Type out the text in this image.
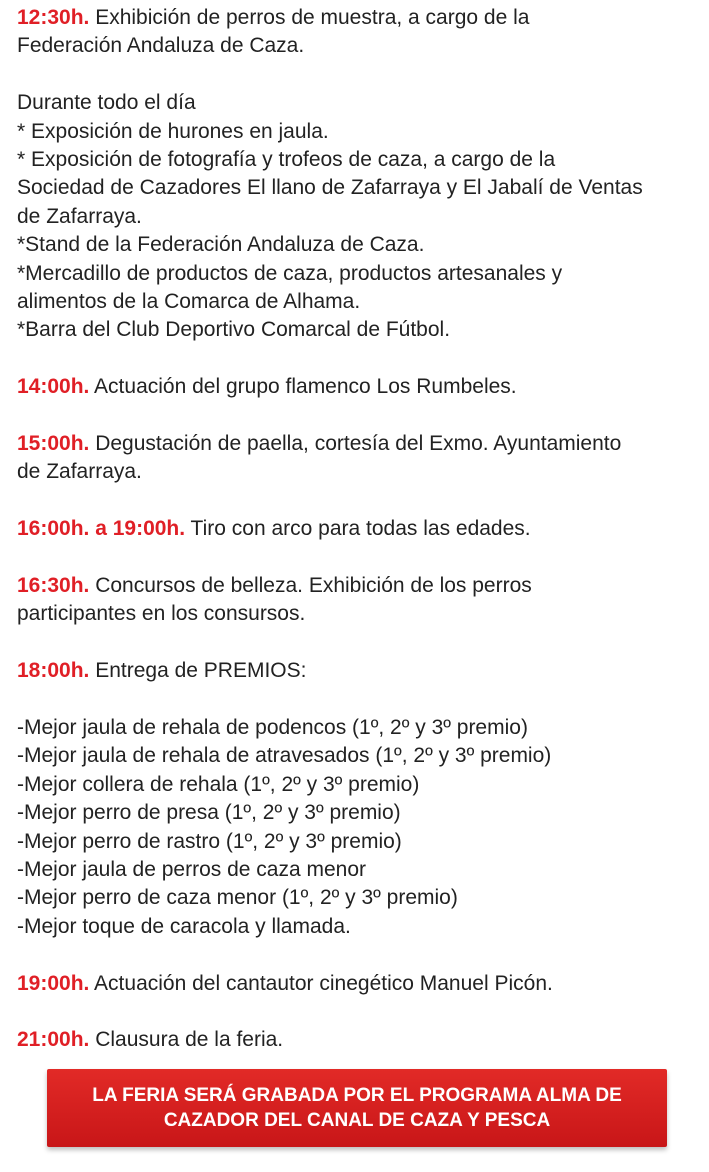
12:30h. Exhibición de perros de muestra, a cargo de la
Federación Andaluza de Caza.
Durante todo el día
* Exposición de hurones en jaula.
* Exposición de fotografía y trofeos de caza, a cargo de la
Sociedad de Cazadores El llano de Zafarraya y El Jabalí de Ventas
de Zafarraya.
*Stand de la Federación Andaluza de Caza.
*Mercadillo de productos de caza, productos artesanales y
alimentos de la Comarca de Alhama.
*Barra del Club Deportivo Comarcal de Fútbol.
14:00h. Actuación del grupo flamenco Los Rumbeles.
15:00h. Degustación de paella, cortesía del Exmo. Ayuntamiento
de Zafarraya.
16:00h. a 19:00h. Tiro con arco para todas las edades.
16:30h. Concursos de belleza. Exhibición de los perros
participantes en los consursos.
18:00h. Entrega de PREMIOS:
-Mejor jaula de rehala de podencos (1º, 2º y 3º premio)
-Mejor jaula de rehala de atravesados (1º, 2º y 3º premio)
-Mejor collera de rehala (1º, 2º y 3º premio)
-Mejor perro de presa (1º, 2º y 3º premio)
-Mejor perro de rastro (1º, 2º y 3º premio)
-Mejor jaula de perros de caza menor
-Mejor perro de caza menor (1º, 2º y 3º premio)
-Mejor toque de caracola y llamada.
19:00h. Actuación del cantautor cinegético Manuel Picón.
21:00h. Clausura de la feria.
LA FERIA SERÁ GRABADA POR EL PROGRAMA ALMA DE
CAZADOR DEL CANAL DE CAZA Y PESCA
